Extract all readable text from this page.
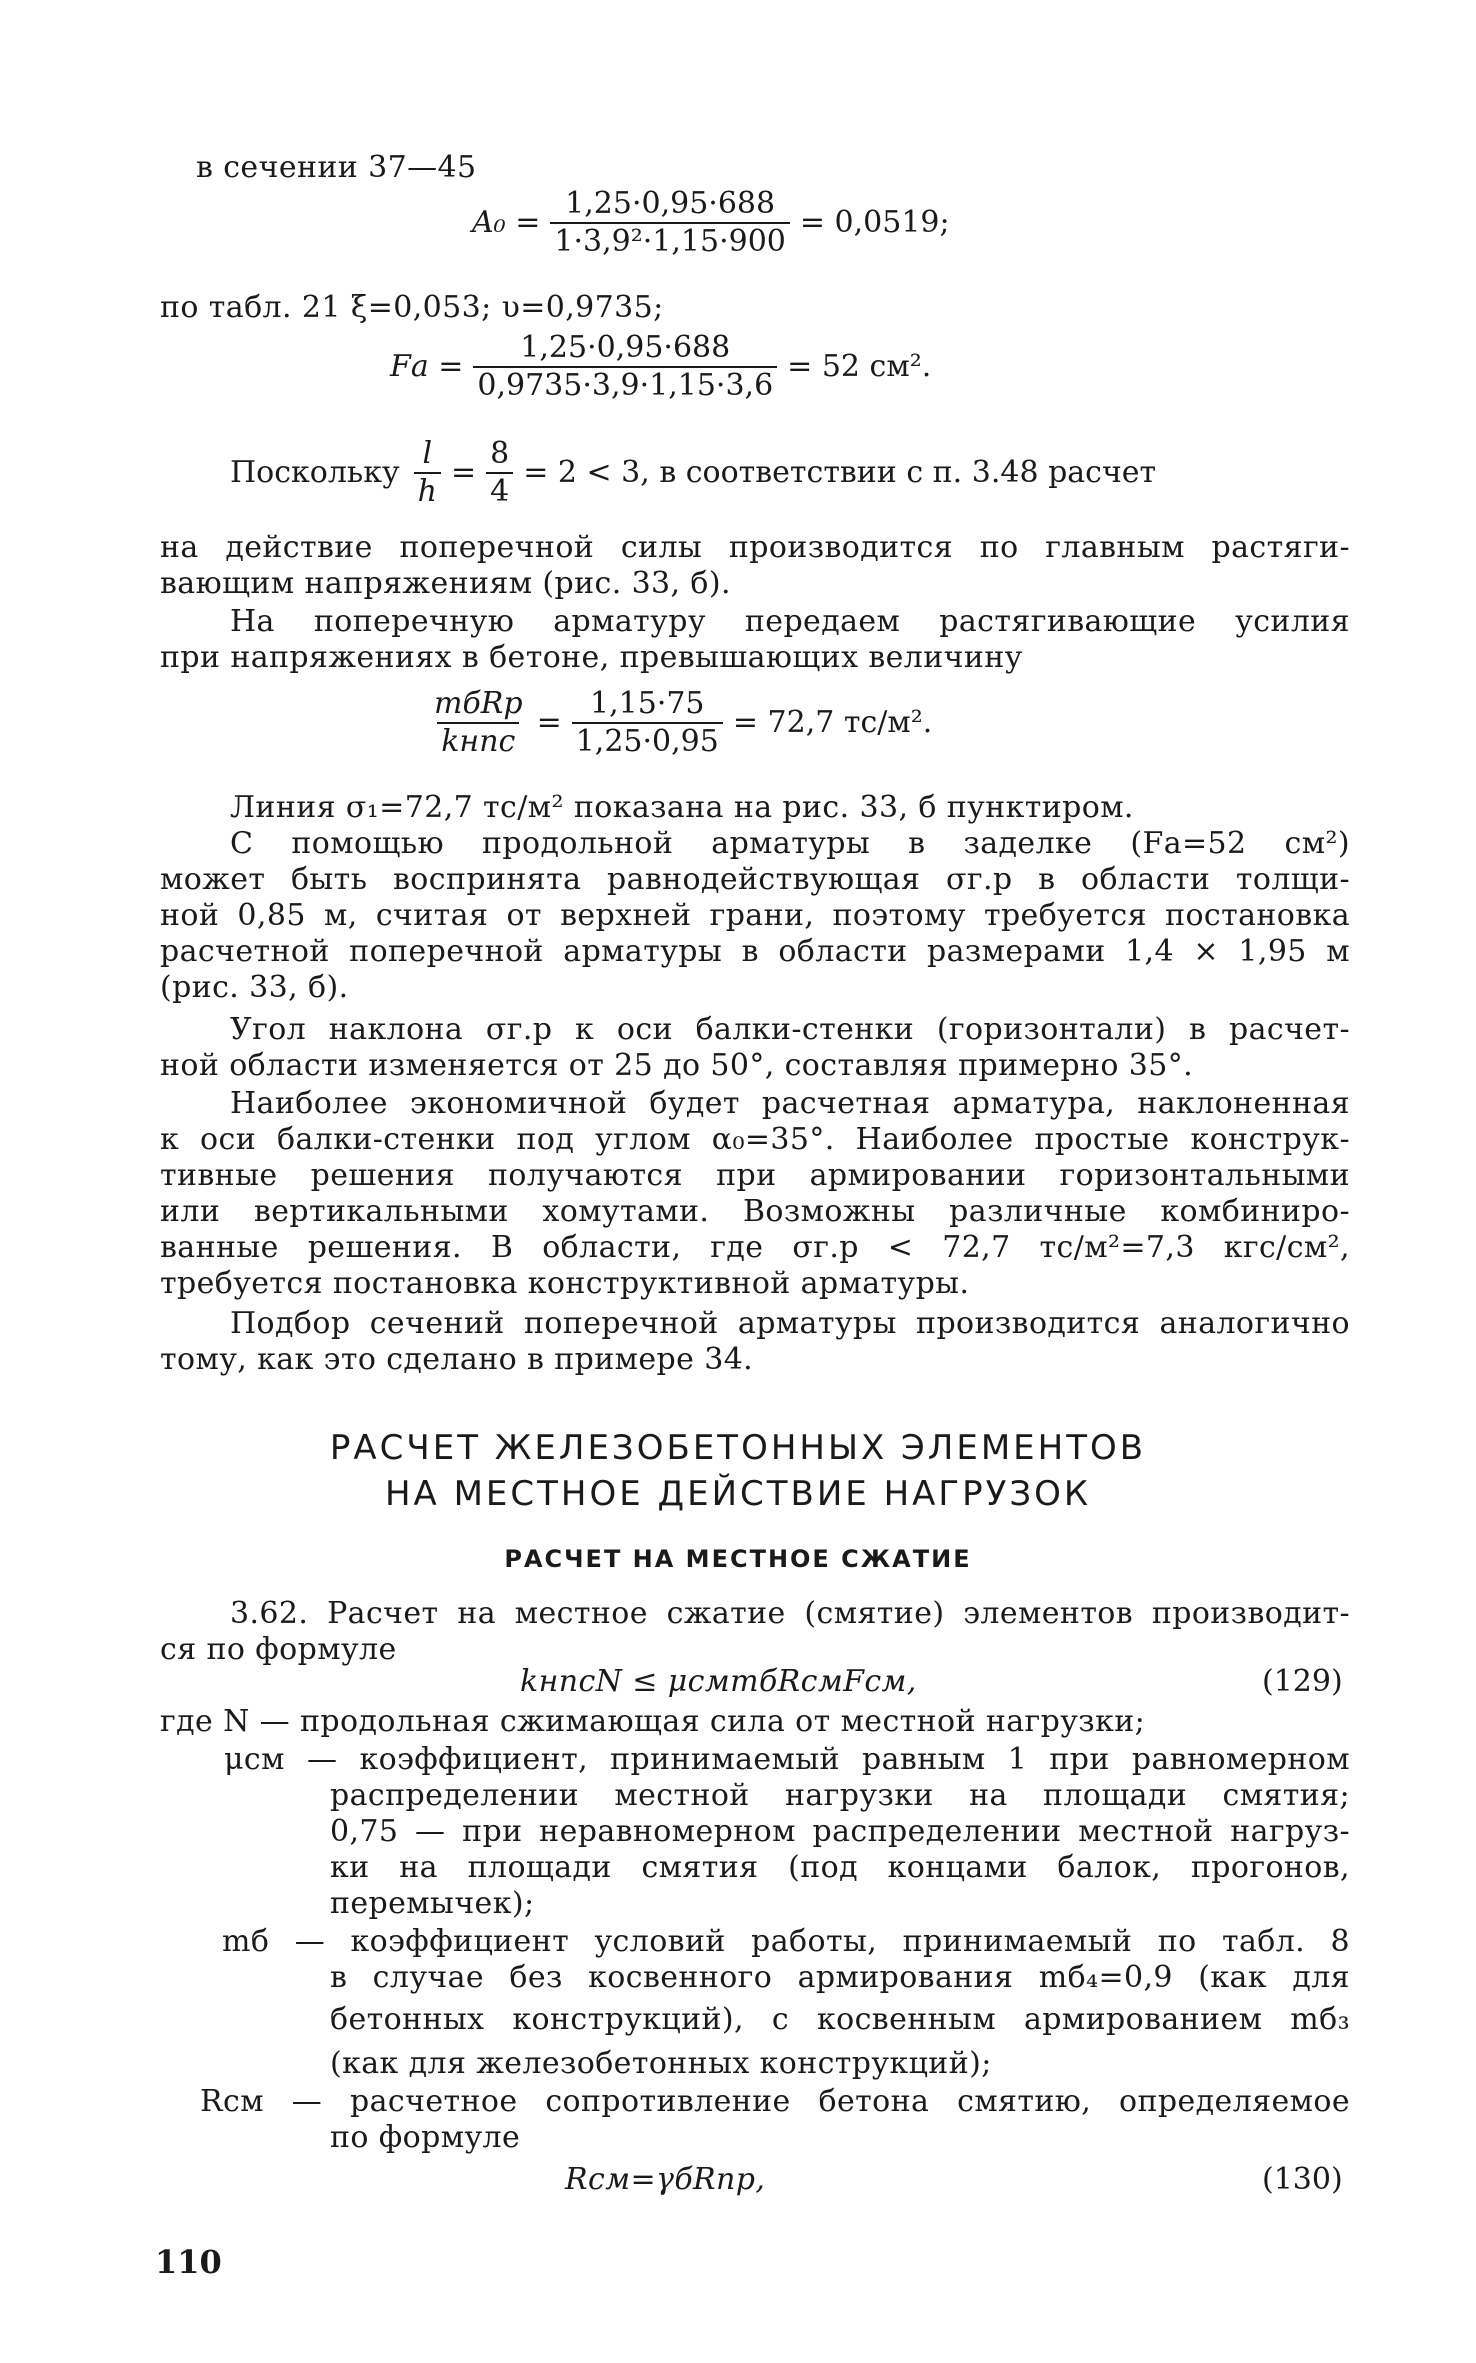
в сечении 37—45
$A_0 = \frac{1,25\cdot 0,95\cdot 688}{\text{1·3,9²·1,15·900}} = 0,0519$;
по табл. 21 ξ=0,053; υ=0,9735;
Fа = $\frac{1,25\cdot 0,95\cdot 688}{0,9735\cdot 3,9\cdot 1,15\cdot 3,6} = 52$ см².
Поскольку $\frac{l}{h} = \frac{8}{4} = 2 < 3$, в соответствии с п. 3.48 расчет
на действие поперечной силы производится по главным растяги-
вающим напряжениям (рис. 33, б).
На поперечную арматуру передаем растягивающие усилия
при напряжениях в бетоне, превышающих величину
$\frac{\text{mбRр}}{\text{kнnс}} = \frac{1,15\cdot 75}{1,25\cdot 0,95} = 72,7$ тс/м².
Линия σ₁=72,7 тс/м² показана на рис. 33, б пунктиром.
С помощью продольной арматуры в заделке (Fа=52 см²)
может быть воспринята равнодействующая σг.р в области толщи-
ной 0,85 м, считая от верхней грани, поэтому требуется постановка
расчетной поперечной арматуры в области размерами 1,4 × 1,95 м
(рис. 33, б).
Угол наклона σг.р к оси балки-стенки (горизонтали) в расчет-
ной области изменяется от 25 до 50°, составляя примерно 35°.
Наиболее экономичной будет расчетная арматура, наклоненная
к оси балки-стенки под углом α₀=35°. Наиболее простые конструк-
тивные решения получаются при армировании горизонтальными
или вертикальными хомутами. Возможны различные комбиниро-
ванные решения. В области, где σг.р < 72,7 тс/м²=7,3 кгс/см²,
требуется постановка конструктивной арматуры.
Подбор сечений поперечной арматуры производится аналогично
тому, как это сделано в примере 34.
РАСЧЕТ ЖЕЛЕЗОБЕТОННЫХ ЭЛЕМЕНТОВ
НА МЕСТНОЕ ДЕЙСТВИЕ НАГРУЗОК
РАСЧЕТ НА МЕСТНОЕ СЖАТИЕ
3.62. Расчет на местное сжатие (смятие) элементов производит-
ся по формуле
kнnсN ≤ μсмmбRсмFсм,	(129)
где N — продольная сжимающая сила от местной нагрузки;
μсм — коэффициент, принимаемый равным 1 при равномерном
распределении местной нагрузки на площади смятия;
0,75 — при неравномерном распределении местной нагруз-
ки на площади смятия (под концами балок, прогонов,
перемычек);
mб — коэффициент условий работы, принимаемый по табл. 8
в случае без косвенного армирования mб₄=0,9 (как для
бетонных конструкций), с косвенным армированием mб₃
(как для железобетонных конструкций);
Rсм — расчетное сопротивление бетона смятию, определяемое
по формуле
Rсм=γбRпр,	(130)
110
